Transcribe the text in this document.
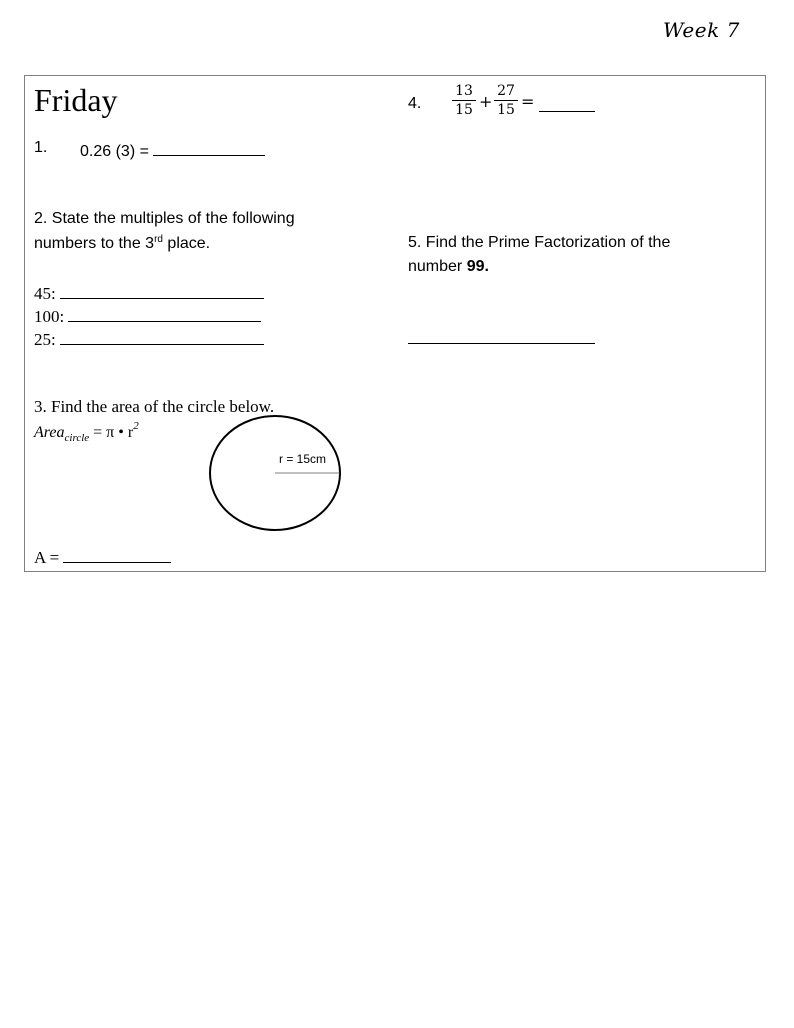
Week 7
Friday
1. 0.26 (3) =
2. State the multiples of the following
numbers to the 3rd place.
45:
100:
25:
3. Find the area of the circle below.
Area$_{circle}$ = π • $r^2$
r = 15cm
A =
4. $\frac{13}{15} + \frac{27}{15}$ =
5. Find the Prime Factorization of the
number 99.
